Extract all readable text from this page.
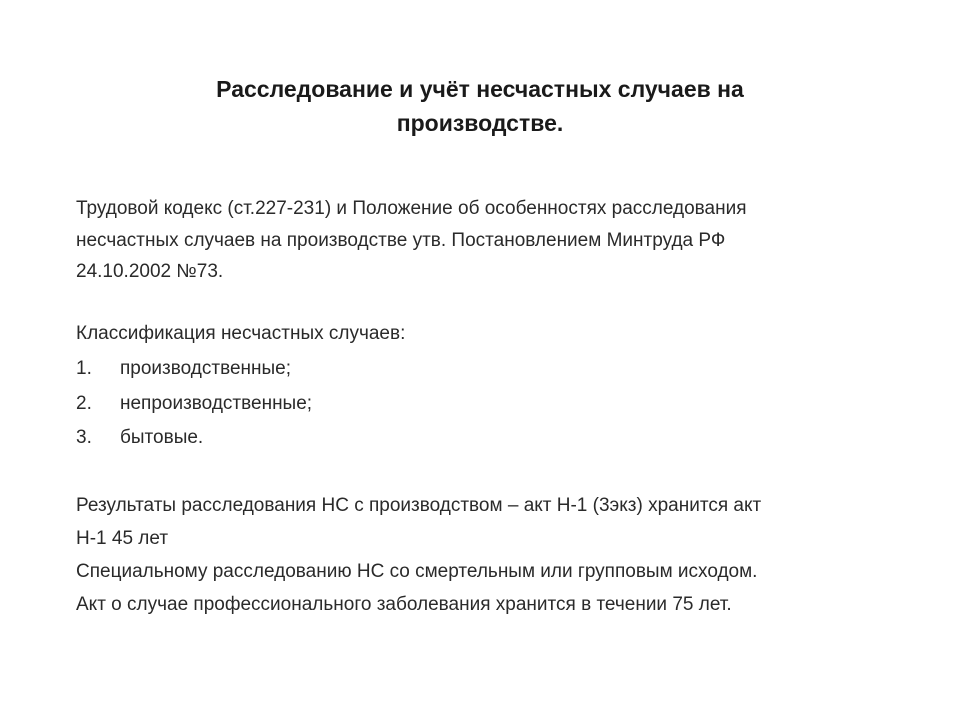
Расследование и учёт несчастных случаев на
производстве.

Трудовой кодекс (ст.227-231) и Положение об особенностях расследования

несчастных случаев на производстве утв. Постановлением Минтруда РФ

24.10.2002 №73.

Классификация несчастных случаев:

1.	производственные;
2.	непроизводственные;
3.	бытовые.

Результаты расследования НС с производством – акт Н-1 (3экз) хранится акт

Н-1 45 лет

Специальному расследованию НС со смертельным или групповым исходом.

Акт о случае профессионального заболевания хранится в течении 75 лет.
